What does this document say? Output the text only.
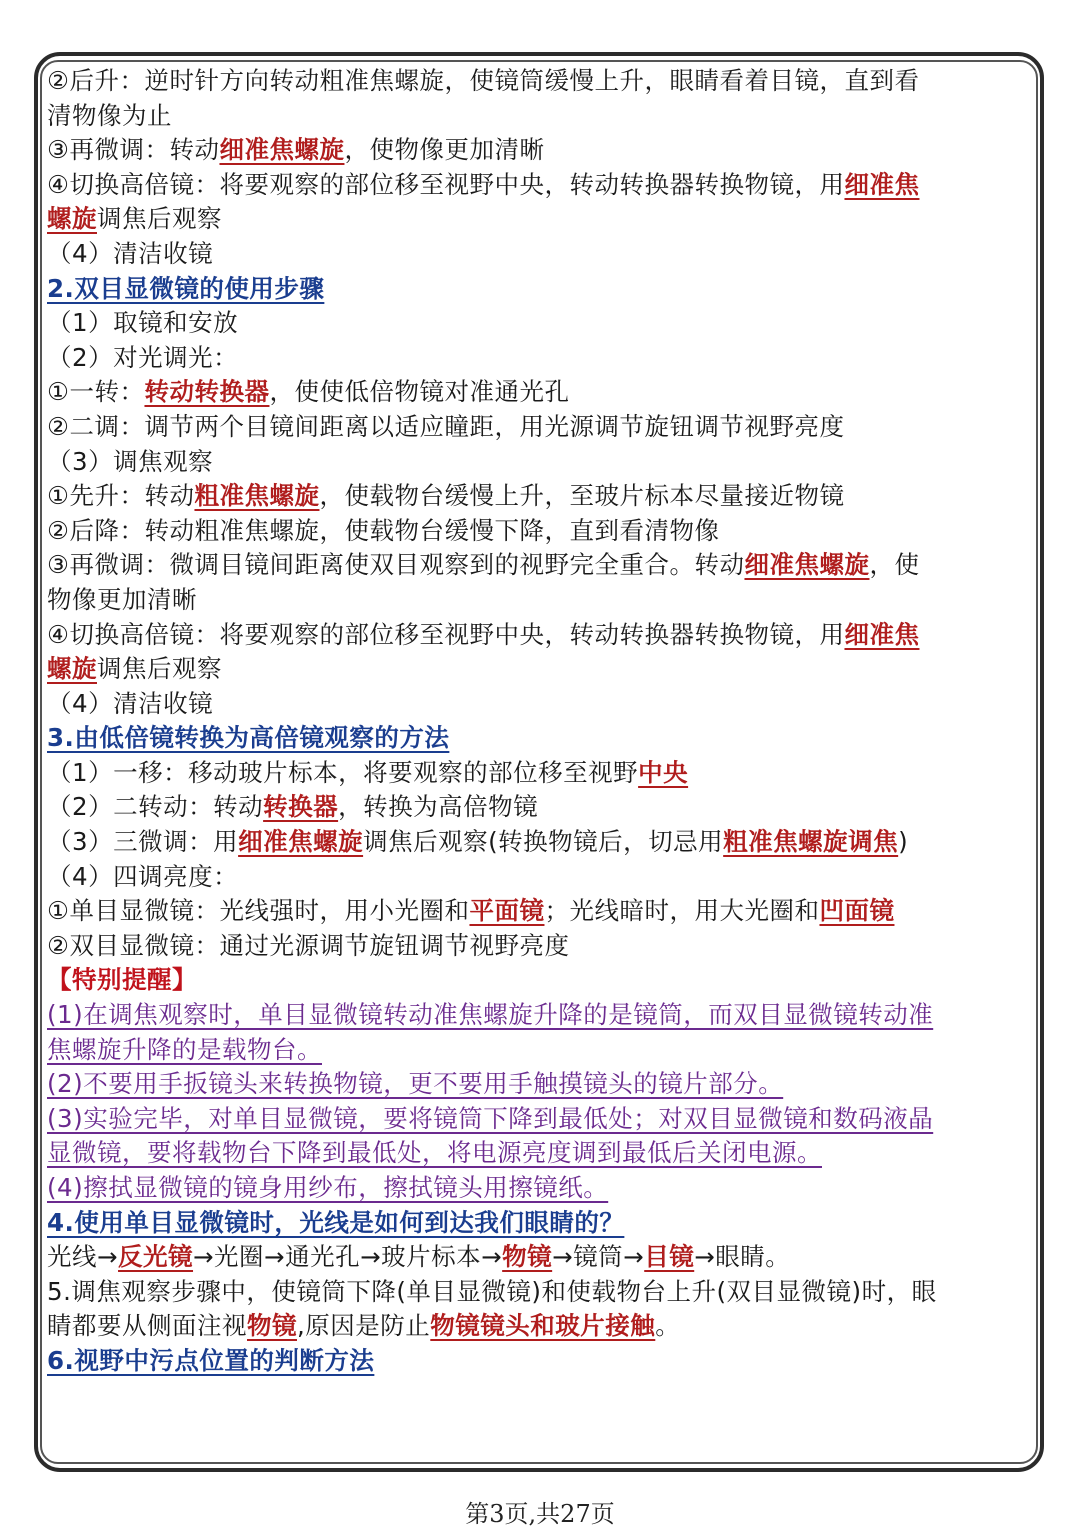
②后升：逆时针方向转动粗准焦螺旋，使镜筒缓慢上升，眼睛看着目镜，直到看
清物像为止
③再微调：转动细准焦螺旋，使物像更加清晰
④切换高倍镜：将要观察的部位移至视野中央，转动转换器转换物镜，用细准焦
螺旋调焦后观察
（4）清洁收镜
2.双目显微镜的使用步骤
（1）取镜和安放
（2）对光调光：
①一转：转动转换器，使使低倍物镜对准通光孔
②二调：调节两个目镜间距离以适应瞳距，用光源调节旋钮调节视野亮度
（3）调焦观察
①先升：转动粗准焦螺旋，使载物台缓慢上升，至玻片标本尽量接近物镜
②后降：转动粗准焦螺旋，使载物台缓慢下降，直到看清物像
③再微调：微调目镜间距离使双目观察到的视野完全重合。转动细准焦螺旋，使
物像更加清晰
④切换高倍镜：将要观察的部位移至视野中央，转动转换器转换物镜，用细准焦
螺旋调焦后观察
（4）清洁收镜
3.由低倍镜转换为高倍镜观察的方法
（1）一移：移动玻片标本，将要观察的部位移至视野中央
（2）二转动：转动转换器，转换为高倍物镜
（3）三微调：用细准焦螺旋调焦后观察(转换物镜后，切忌用粗准焦螺旋调焦)
（4）四调亮度：
①单目显微镜：光线强时，用小光圈和平面镜；光线暗时，用大光圈和凹面镜
②双目显微镜：通过光源调节旋钮调节视野亮度
【特别提醒】
(1)在调焦观察时，单目显微镜转动准焦螺旋升降的是镜筒，而双目显微镜转动准
焦螺旋升降的是载物台。
(2)不要用手扳镜头来转换物镜，更不要用手触摸镜头的镜片部分。
(3)实验完毕，对单目显微镜，要将镜筒下降到最低处；对双目显微镜和数码液晶
显微镜，要将载物台下降到最低处，将电源亮度调到最低后关闭电源。
(4)擦拭显微镜的镜身用纱布，擦拭镜头用擦镜纸。
4.使用单目显微镜时，光线是如何到达我们眼睛的？
光线→反光镜→光圈→通光孔→玻片标本→物镜→镜筒→目镜→眼睛。
5.调焦观察步骤中，使镜筒下降(单目显微镜)和使载物台上升(双目显微镜)时，眼
睛都要从侧面注视物镜,原因是防止物镜镜头和玻片接触。
6.视野中污点位置的判断方法
第3页,共27页
